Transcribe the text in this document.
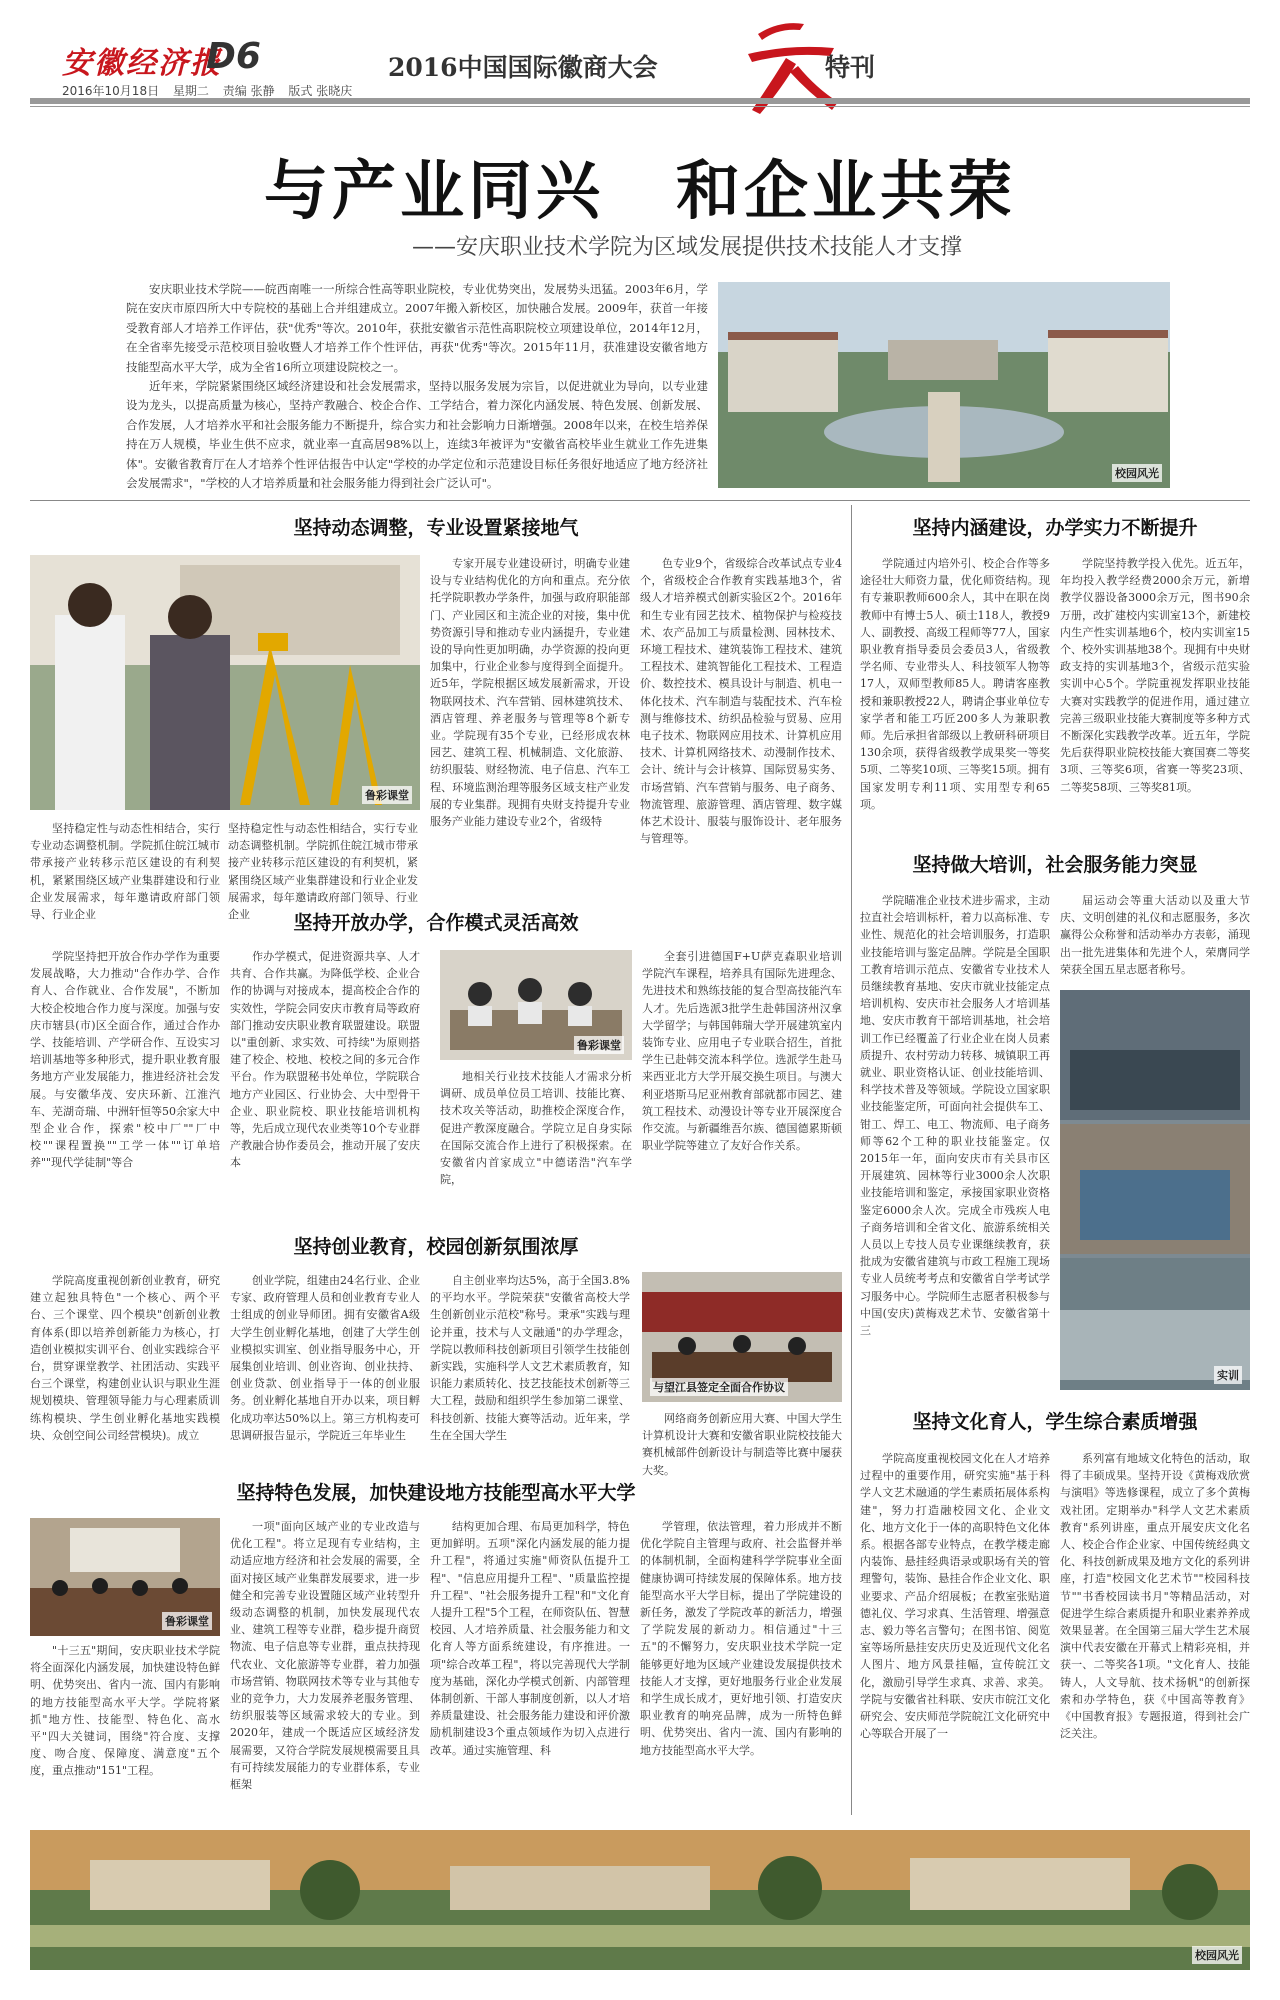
安徽经济报
D6
2016年10月18日 星期二 责编 张静 版式 张晓庆
2016中国国际徽商大会	特刊
与产业同兴 和企业共荣
——安庆职业技术学院为区域发展提供技术技能人才支撑

安庆职业技术学院——皖西南唯一一所综合性高等职业院校，专业优势突出，发展势头迅猛。2003年6月，学院在安庆市原四所大中专院校的基础上合并组建成立。2007年搬入新校区，加快融合发展。2009年，获首一年接受教育部人才培养工作评估，获"优秀"等次。2010年，获批安徽省示范性高职院校立项建设单位，2014年12月，在全省率先接受示范校项目验收暨人才培养工作个性评估，再获"优秀"等次。2015年11月，获准建设安徽省地方技能型高水平大学，成为全省16所立项建设院校之一。

近年来，学院紧紧围绕区域经济建设和社会发展需求，坚持以服务发展为宗旨，以促进就业为导向，以专业建设为龙头，以提高质量为核心，坚持产教融合、校企合作、工学结合，着力深化内涵发展、特色发展、创新发展、合作发展，人才培养水平和社会服务能力不断提升，综合实力和社会影响力日渐增强。2008年以来，在校生培养保持在万人规模，毕业生供不应求，就业率一直高居98%以上，连续3年被评为"安徽省高校毕业生就业工作先进集体"。安徽省教育厅在人才培养个性评估报告中认定"学校的办学定位和示范建设目标任务很好地适应了地方经济社会发展需求"，"学校的人才培养质量和社会服务能力得到社会广泛认可"。

校园风光
坚持动态调整，专业设置紧接地气
鲁彩课堂

坚持稳定性与动态性相结合，实行专业动态调整机制。学院抓住皖江城市带承接产业转移示范区建设的有利契机，紧紧围绕区域产业集群建设和行业企业发展需求，每年邀请政府部门领导、行业企业

坚持稳定性与动态性相结合，实行专业动态调整机制。学院抓住皖江城市带承接产业转移示范区建设的有利契机，紧紧围绕区域产业集群建设和行业企业发展需求，每年邀请政府部门领导、行业企业

专家开展专业建设研讨，明确专业建设与专业结构优化的方向和重点。充分依托学院职教办学条件，加强与政府职能部门、产业园区和主流企业的对接，集中优势资源引导和推动专业内涵提升，专业建设的导向性更加明确，办学资源的投向更加集中，行业企业参与度得到全面提升。近5年，学院根据区域发展新需求，开设物联网技术、汽车营销、园林建筑技术、酒店管理、养老服务与管理等8个新专业。学院现有35个专业，已经形成农林园艺、建筑工程、机械制造、文化旅游、纺织服装、财经物流、电子信息、汽车工程、环境监测治理等服务区域支柱产业发展的专业集群。现拥有央财支持提升专业服务产业能力建设专业2个，省级特

色专业9个，省级综合改革试点专业4个，省级校企合作教育实践基地3个，省级人才培养模式创新实验区2个。2016年和生专业有园艺技术、植物保护与检疫技术、农产品加工与质量检测、园林技术、环境工程技术、建筑装饰工程技术、建筑工程技术、建筑智能化工程技术、工程造价、数控技术、模具设计与制造、机电一体化技术、汽车制造与装配技术、汽车检测与维修技术、纺织品检验与贸易、应用电子技术、物联网应用技术、计算机应用技术、计算机网络技术、动漫制作技术、会计、统计与会计核算、国际贸易实务、市场营销、汽车营销与服务、电子商务、物流管理、旅游管理、酒店管理、数字媒体艺术设计、服装与服饰设计、老年服务与管理等。

坚持开放办学，合作模式灵活高效

学院坚持把开放合作办学作为重要发展战略，大力推动"合作办学、合作育人、合作就业、合作发展"，不断加大校企校地合作力度与深度。加强与安庆市辖县(市)区全面合作，通过合作办学、技能培训、产学研合作、互设实习培训基地等多种形式，提升职业教育服务地方产业发展能力，推进经济社会发展。与安徽华茂、安庆环新、江淮汽车、芜湖奇瑞、中洲轩恒等50余家大中型企业合作，探索"校中厂""厂中校""课程置换""工学一体""订单培养""现代学徒制"等合

作办学模式，促进资源共享、人才共育、合作共赢。为降低学校、企业合作的协调与对接成本，提高校企合作的实效性，学院会同安庆市教育局等政府部门推动安庆职业教育联盟建设。联盟以"重创新、求实效、可持续"为原则搭建了校企、校地、校校之间的多元合作平台。作为联盟秘书处单位，学院联合地方产业园区、行业协会、大中型骨干企业、职业院校、职业技能培训机构等，先后成立现代农业类等10个专业群产教融合协作委员会，推动开展了安庆本

鲁彩课堂

地相关行业技术技能人才需求分析调研、成员单位员工培训、技能比赛、技术攻关等活动，助推校企深度合作，促进产教深度融合。学院立足自身实际在国际交流合作上进行了积极探索。在安徽省内首家成立"中德诺浩"汽车学院，

全套引进德国F+U萨克森职业培训学院汽车课程，培养具有国际先进理念、先进技术和熟练技能的复合型高技能汽车人才。先后选派3批学生赴韩国济州汉拿大学留学；与韩国韩瑞大学开展建筑室内装饰专业、应用电子专业联合招生，首批学生已赴韩交流本科学位。选派学生赴马来西亚北方大学开展交换生项目。与澳大利亚塔斯马尼亚州教育部就都市园艺、建筑工程技术、动漫设计等专业开展深度合作交流。与新疆维吾尔族、德国德累斯顿职业学院等建立了友好合作关系。

坚持创业教育，校园创新氛围浓厚

学院高度重视创新创业教育，研究建立起独具特色"一个核心、两个平台、三个课堂、四个模块"创新创业教育体系(即以培养创新能力为核心，打造创业模拟实训平台、创业实践综合平台，贯穿课堂教学、社团活动、实践平台三个课堂，构建创业认识与职业生涯规划模块、管理领导能力与心理素质训练构模块、学生创业孵化基地实践模块、众创空间公司经营模块)。成立

创业学院，组建由24名行业、企业专家、政府管理人员和创业教育专业人士组成的创业导师团。拥有安徽省A级大学生创业孵化基地，创建了大学生创业模拟实训室、创业指导服务中心，开展集创业培训、创业咨询、创业扶持、创业贷款、创业指导于一体的创业服务。创业孵化基地自开办以来，项目孵化成功率达50%以上。第三方机构麦可思调研报告显示，学院近三年毕业生

自主创业率均达5%，高于全国3.8%的平均水平。学院荣获"安徽省高校大学生创新创业示范校"称号。秉承"实践与理论并重，技术与人文融通"的办学理念，学院以教师科技创新项目引领学生技能创新实践，实施科学人文艺术素质教育，知识能力素质转化、技艺技能技术创新等三大工程，鼓励和组织学生参加第二课堂、科技创新、技能大赛等活动。近年来，学生在全国大学生

与望江县签定全面合作协议

网络商务创新应用大赛、中国大学生计算机设计大赛和安徽省职业院校技能大赛机械部件创新设计与制造等比赛中屡获大奖。

坚持特色发展，加快建设地方技能型高水平大学
鲁彩课堂

"十三五"期间，安庆职业技术学院将全面深化内涵发展，加快建设特色鲜明、优势突出、省内一流、国内有影响的地方技能型高水平大学。学院将紧抓"地方性、技能型、特色化、高水平"四大关键词，围绕"符合度、支撑度、吻合度、保障度、满意度"五个度，重点推动"151"工程。

一项"面向区域产业的专业改造与优化工程"。将立足现有专业结构，主动适应地方经济和社会发展的需要，全面对接区域产业集群发展要求，进一步健全和完善专业设置随区域产业转型升级动态调整的机制，加快发展现代农业、建筑工程等专业群，稳步提升商贸物流、电子信息等专业群，重点扶持现代农业、文化旅游等专业群，着力加强市场营销、物联网技术等专业与其他专业的竞争力，大力发展养老服务管理、纺织服装等区域需求较大的专业。到2020年，建成一个既适应区域经济发展需要，又符合学院发展规模需要且具有可持续发展能力的专业群体系，专业框架

结构更加合理、布局更加科学，特色更加鲜明。五项"深化内涵发展的能力提升工程"，将通过实施"师资队伍提升工程"、"信息应用提升工程"、"质量监控提升工程"、"社会服务提升工程"和"文化育人提升工程"5个工程，在师资队伍、智慧校园、人才培养质量、社会服务能力和文化育人等方面系统建设，有序推进。一项"综合改革工程"，将以完善现代大学制度为基础，深化办学模式创新、内部管理体制创新、干部人事制度创新，以人才培养质量建设、社会服务能力建设和评价激励机制建设3个重点领域作为切入点进行改革。通过实施管理、科

学管理，依法管理，着力形成并不断优化学院自主管理与政府、社会监督并举的体制机制，全面构建科学学院事业全面健康协调可持续发展的保障体系。地方技能型高水平大学目标，提出了学院建设的新任务，激发了学院改革的新活力，增强了学院发展的新动力。相信通过"十三五"的不懈努力，安庆职业技术学院一定能够更好地为区域产业建设发展提供技术技能人才支撑，更好地服务行业企业发展和学生成长成才，更好地引领、打造安庆职业教育的响亮品牌，成为一所特色鲜明、优势突出、省内一流、国内有影响的地方技能型高水平大学。

坚持内涵建设，办学实力不断提升

学院通过内培外引、校企合作等多途径壮大师资力量，优化师资结构。现有专兼职教师600余人，其中在职在岗教师中有博士5人、硕士118人，教授9人、副教授、高级工程师等77人，国家职业教育指导委员会委员3人，省级教学名师、专业带头人、科技领军人物等17人，双师型教师85人。聘请客座教授和兼职教授22人，聘请企事业单位专家学者和能工巧匠200多人为兼职教师。先后承担省部级以上教研科研项目130余项，获得省级教学成果奖一等奖5项、二等奖10项、三等奖15项。拥有国家发明专利11项、实用型专利65项。

学院坚持教学投入优先。近五年，年均投入教学经费2000余万元，新增教学仪器设备3000余万元，图书90余万册，改扩建校内实训室13个，新建校内生产性实训基地6个，校内实训室15个、校外实训基地38个。现拥有中央财政支持的实训基地3个，省级示范实验实训中心5个。学院重视发挥职业技能大赛对实践教学的促进作用，通过建立完善三级职业技能大赛制度等多种方式不断深化实践教学改革。近五年，学院先后获得职业院校技能大赛国赛二等奖3项、三等奖6项，省赛一等奖23项、二等奖58项、三等奖81项。

坚持做大培训，社会服务能力突显

学院瞄准企业技术进步需求，主动拉直社会培训标杆，着力以高标准、专业性、规范化的社会培训服务，打造职业技能培训与鉴定品牌。学院是全国职工教育培训示范点、安徽省专业技术人员继续教育基地、安庆市就业技能定点培训机构、安庆市社会服务人才培训基地、安庆市教育干部培训基地，社会培训工作已经覆盖了行业企业在岗人员素质提升、农村劳动力转移、城镇职工再就业、职业资格认证、创业技能培训、科学技术普及等领域。学院设立国家职业技能鉴定所，可面向社会提供车工、钳工、焊工、电工、物流师、电子商务师等62个工种的职业技能鉴定。仅2015年一年，面向安庆市有关县市区开展建筑、园林等行业3000余人次职业技能培训和鉴定，承接国家职业资格鉴定6000余人次。完成全市残疾人电子商务培训和全省文化、旅游系统相关人员以上专技人员专业课继续教育，获批成为安徽省建筑与市政工程施工现场专业人员统考考点和安徽省自学考试学习服务中心。学院师生志愿者积极参与中国(安庆)黄梅戏艺术节、安徽省第十三

届运动会等重大活动以及重大节庆、文明创建的礼仪和志愿服务，多次赢得公众称誉和活动举办方表彰，涌现出一批先进集体和先进个人，荣膺同学荣获全国五星志愿者称号。

实训
坚持文化育人，学生综合素质增强

学院高度重视校园文化在人才培养过程中的重要作用，研究实施"基于科学人文艺术融通的学生素质拓展体系构建"，努力打造融校园文化、企业文化、地方文化于一体的高职特色文化体系。根据各部专业特点，在教学楼走廊内装饰、悬挂经典语录或职场有关的管理警句，装饰、悬挂合作企业文化、职业要求、产品介绍展板；在教室张贴道德礼仪、学习求真、生活管理、增强意志、毅力等名言警句；在图书馆、阅览室等场所悬挂安庆历史及近现代文化名人图片、地方风景挂幅，宣传皖江文化，激励引导学生求真、求善、求美。学院与安徽省社科联、安庆市皖江文化研究会、安庆师范学院皖江文化研究中心等联合开展了一

系列富有地域文化特色的活动，取得了丰硕成果。坚持开设《黄梅戏欣赏与演唱》等选修课程，成立了多个黄梅戏社团。定期举办"科学人文艺术素质教育"系列讲座，重点开展安庆文化名人、校企合作企业家、中国传统经典文化、科技创新成果及地方文化的系列讲座，打造"校园文化艺术节""校园科技节""书香校园读书月"等精品活动，对促进学生综合素质提升和职业素养养成效果显著。在全国第三届大学生艺术展演中代表安徽在开幕式上精彩亮相，并获一、二等奖各1项。"文化育人、技能铸人，人文导航、技术扬帆"的创新探索和办学特色，获《中国高等教育》《中国教育报》专题报道，得到社会广泛关注。

校园风光
